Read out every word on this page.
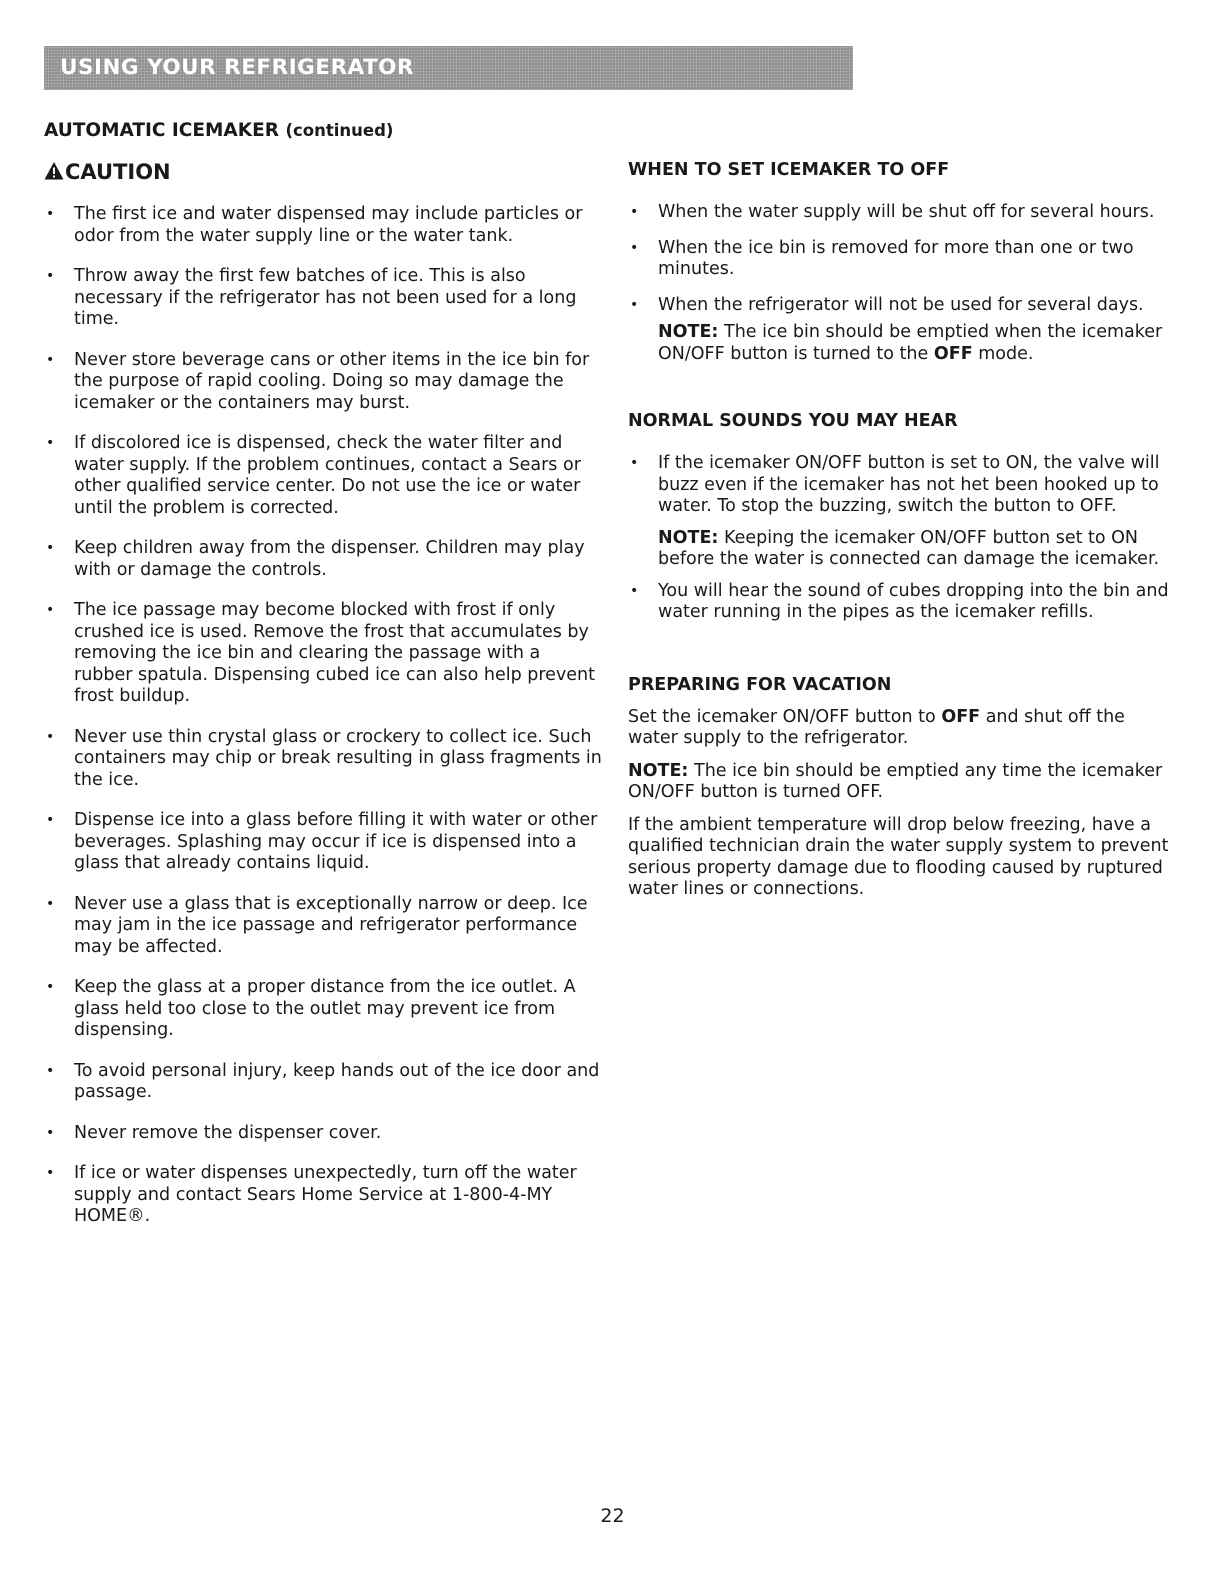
USING YOUR REFRIGERATOR
AUTOMATIC ICEMAKER (continued)
CAUTION
• The first ice and water dispensed may include particles or odor from the water supply line or the water tank.
• Throw away the first few batches of ice. This is also necessary if the refrigerator has not been used for a long time.
• Never store beverage cans or other items in the ice bin for the purpose of rapid cooling. Doing so may damage the icemaker or the containers may burst.
• If discolored ice is dispensed, check the water filter and water supply. If the problem continues, contact a Sears or other qualified service center. Do not use the ice or water until the problem is corrected.
• Keep children away from the dispenser. Children may play with or damage the controls.
• The ice passage may become blocked with frost if only crushed ice is used. Remove the frost that accumulates by removing the ice bin and clearing the passage with a rubber spatula. Dispensing cubed ice can also help prevent frost buildup.
• Never use thin crystal glass or crockery to collect ice. Such containers may chip or break resulting in glass fragments in the ice.
• Dispense ice into a glass before filling it with water or other beverages. Splashing may occur if ice is dispensed into a glass that already contains liquid.
• Never use a glass that is exceptionally narrow or deep. Ice may jam in the ice passage and refrigerator performance may be affected.
• Keep the glass at a proper distance from the ice outlet. A glass held too close to the outlet may prevent ice from dispensing.
• To avoid personal injury, keep hands out of the ice door and passage.
• Never remove the dispenser cover.
• If ice or water dispenses unexpectedly, turn off the water supply and contact Sears Home Service at 1-800-4-MY HOME®.
WHEN TO SET ICEMAKER TO OFF
• When the water supply will be shut off for several hours.
• When the ice bin is removed for more than one or two minutes.
• When the refrigerator will not be used for several days.
NOTE: The ice bin should be emptied when the icemaker ON/OFF button is turned to the OFF mode.
NORMAL SOUNDS YOU MAY HEAR
• If the icemaker ON/OFF button is set to ON, the valve will buzz even if the icemaker has not het been hooked up to water. To stop the buzzing, switch the button to OFF.
NOTE: Keeping the icemaker ON/OFF button set to ON before the water is connected can damage the icemaker.
• You will hear the sound of cubes dropping into the bin and water running in the pipes as the icemaker refills.
PREPARING FOR VACATION

Set the icemaker ON/OFF button to OFF and shut off the water supply to the refrigerator.

NOTE: The ice bin should be emptied any time the icemaker ON/OFF button is turned OFF.

If the ambient temperature will drop below freezing, have a qualified technician drain the water supply system to prevent serious property damage due to flooding caused by ruptured water lines or connections.

22
